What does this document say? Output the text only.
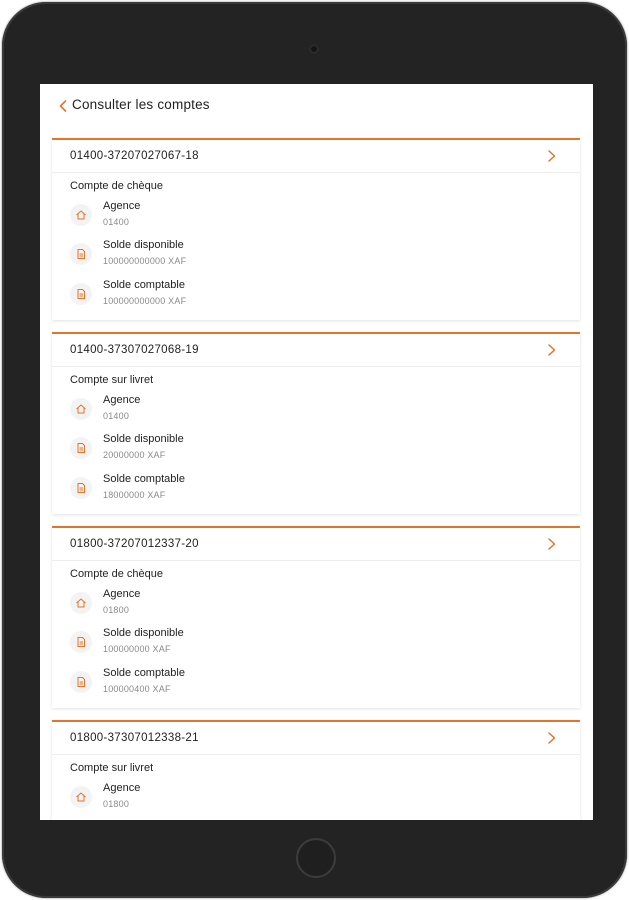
Consulter les comptes
01400-37207027067-18
Compte de chèque
Agence
01400
Solde disponible
100000000000 XAF
Solde comptable
100000000000 XAF
01400-37307027068-19
Compte sur livret
Agence
01400
Solde disponible
20000000 XAF
Solde comptable
18000000 XAF
01800-37207012337-20
Compte de chèque
Agence
01800
Solde disponible
100000000 XAF
Solde comptable
100000400 XAF
01800-37307012338-21
Compte sur livret
Agence
01800
